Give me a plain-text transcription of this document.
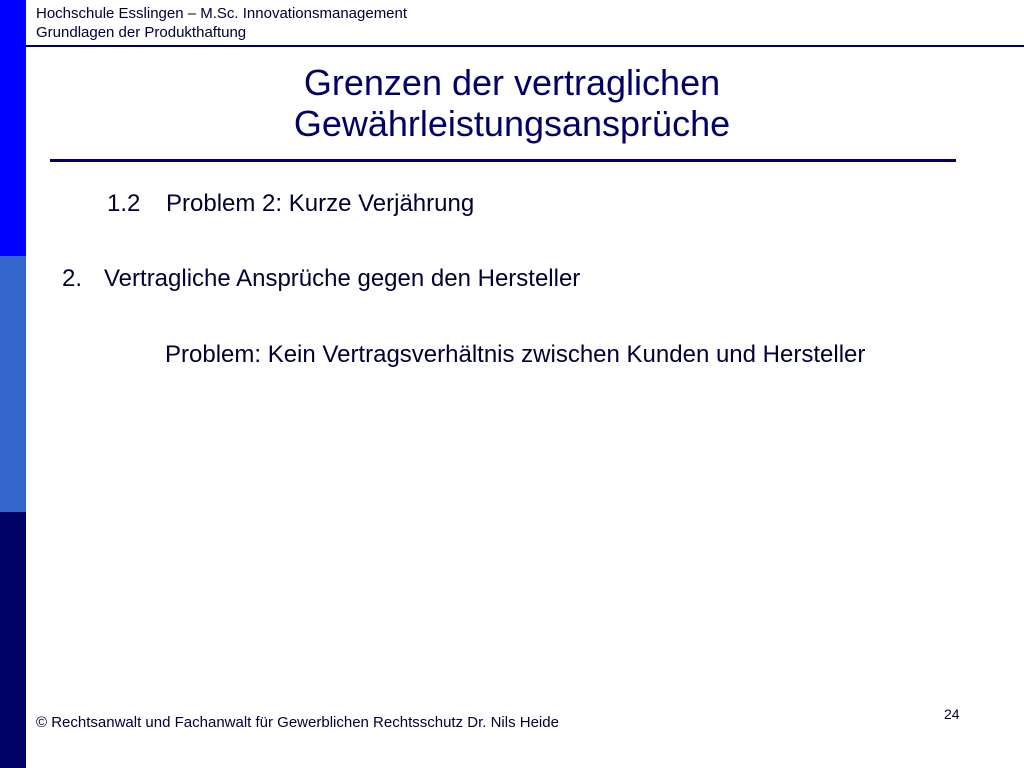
Hochschule Esslingen – M.Sc. Innovationsmanagement
Grundlagen der Produkthaftung
Grenzen der vertraglichen
Gewährleistungsansprüche
1.2 Problem 2: Kurze Verjährung
2. Vertragliche Ansprüche gegen den Hersteller
Problem: Kein Vertragsverhältnis zwischen Kunden und Hersteller
© Rechtsanwalt und Fachanwalt für Gewerblichen Rechtsschutz Dr. Nils Heide	24
